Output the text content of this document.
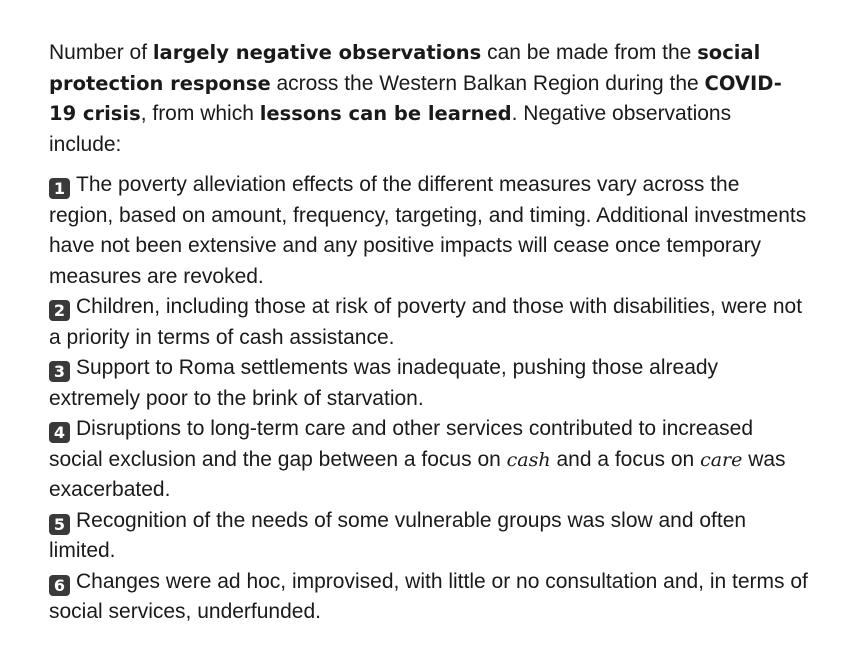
Number of largely negative observations can be made from the social protection response across the Western Balkan Region during the COVID-19 crisis, from which lessons can be learned. Negative observations include:

1 The poverty alleviation effects of the different measures vary across the region, based on amount, frequency, targeting, and timing. Additional investments have not been extensive and any positive impacts will cease once temporary measures are revoked.

2 Children, including those at risk of poverty and those with disabilities, were not a priority in terms of cash assistance.

3 Support to Roma settlements was inadequate, pushing those already extremely poor to the brink of starvation.

4 Disruptions to long-term care and other services contributed to increased social exclusion and the gap between a focus on cash and a focus on care was exacerbated.

5 Recognition of the needs of some vulnerable groups was slow and often limited.

6 Changes were ad hoc, improvised, with little or no consultation and, in terms of social services, underfunded.
